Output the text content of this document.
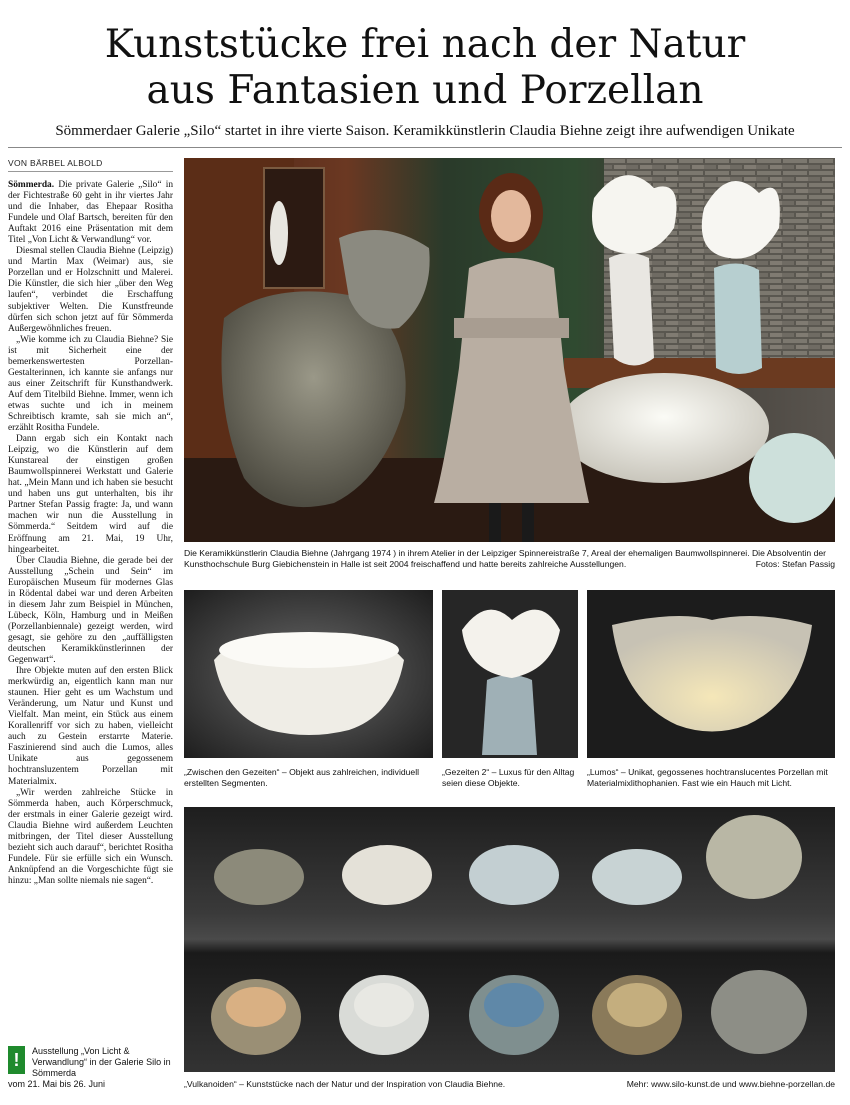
Kunststücke frei nach der Natur
aus Fantasien und Porzellan
Sömmerdaer Galerie „Silo“ startet in ihre vierte Saison. Keramikkünstlerin Claudia Biehne zeigt ihre aufwendigen Unikate
VON BÄRBEL ALBOLD

Sömmerda. Die private Galerie „Silo“ in der Fichtestraße 60 geht in ihr viertes Jahr und die Inhaber, das Ehepaar Rositha Fundele und Olaf Bartsch, bereiten für den Auftakt 2016 eine Präsentation mit dem Titel „Von Licht & Verwandlung“ vor.

Diesmal stellen Claudia Biehne (Leipzig) und Martin Max (Weimar) aus, sie Porzellan und er Holzschnitt und Malerei. Die Künstler, die sich hier „über den Weg laufen“, verbindet die Erschaffung subjektiver Welten. Die Kunstfreunde dürfen sich schon jetzt auf für Sömmerda Außergewöhnliches freuen.

„Wie komme ich zu Claudia Biehne? Sie ist mit Sicherheit eine der bemerkenswertesten Porzellan-Gestalterinnen, ich kannte sie anfangs nur aus einer Zeitschrift für Kunsthandwerk. Auf dem Titelbild Biehne. Immer, wenn ich etwas suchte und ich in meinem Schreibtisch kramte, sah sie mich an“, erzählt Rositha Fundele.

Dann ergab sich ein Kontakt nach Leipzig, wo die Künstlerin auf dem Kunstareal der einstigen großen Baumwollspinnerei Werkstatt und Galerie hat. „Mein Mann und ich haben sie besucht und haben uns gut unterhalten, bis ihr Partner Stefan Passig fragte: Ja, und wann machen wir nun die Ausstellung in Sömmerda.“ Seitdem wird auf die Eröffnung am 21. Mai, 19 Uhr, hingearbeitet.

Über Claudia Biehne, die gerade bei der Ausstellung „Schein und Sein“ im Europäischen Museum für modernes Glas in Rödental dabei war und deren Arbeiten in diesem Jahr zum Beispiel in München, Lübeck, Köln, Hamburg und in Meißen (Porzellanbiennale) gezeigt werden, wird gesagt, sie gehöre zu den „auffälligsten deutschen Keramikkünstlerinnen der Gegenwart“.

Ihre Objekte muten auf den ersten Blick merkwürdig an, eigentlich kann man nur staunen. Hier geht es um Wachstum und Veränderung, um Natur und Kunst und Vielfalt. Man meint, ein Stück aus einem Korallenriff vor sich zu haben, vielleicht auch zu Gestein erstarrte Materie. Faszinierend sind auch die Lumos, alles Unikate aus gegossenem hochtransluzentem Porzellan mit Materialmix.

„Wir werden zahlreiche Stücke in Sömmerda haben, auch Körperschmuck, der erstmals in einer Galerie gezeigt wird. Claudia Biehne wird außerdem Leuchten mitbringen, der Titel dieser Ausstellung bezieht sich auch darauf“, berichtet Rositha Fundele. Für sie erfülle sich ein Wunsch. Anknüpfend an die Vorgeschichte fügt sie hinzu: „Man sollte niemals nie sagen“.

!	Ausstellung „Von Licht & Verwandlung“ in der Galerie Silo in Sömmerda
vom 21. Mai bis 26. Juni
Die Keramikkünstlerin Claudia Biehne (Jahrgang 1974 ) in ihrem Atelier in der Leipziger Spinnereistraße 7, Areal der ehemaligen Baumwollspinnerei. Die Absolventin der Kunsthochschule Burg Giebichenstein in Halle ist seit 2004 freischaffend und hatte bereits zahlreiche Ausstellungen.	Fotos: Stefan Passig
„Zwischen den Gezeiten“ – Objekt aus zahlreichen, individuell erstellten Segmenten.
„Gezeiten 2“ – Luxus für den Alltag seien diese Objekte.
„Lumos“ – Unikat, gegossenes hochtranslucentes Porzellan mit Materialmixlithophanien. Fast wie ein Hauch mit Licht.
„Vulkanoiden“ – Kunststücke nach der Natur und der Inspiration von Claudia Biehne.	Mehr: www.silo-kunst.de und www.biehne-porzellan.de
